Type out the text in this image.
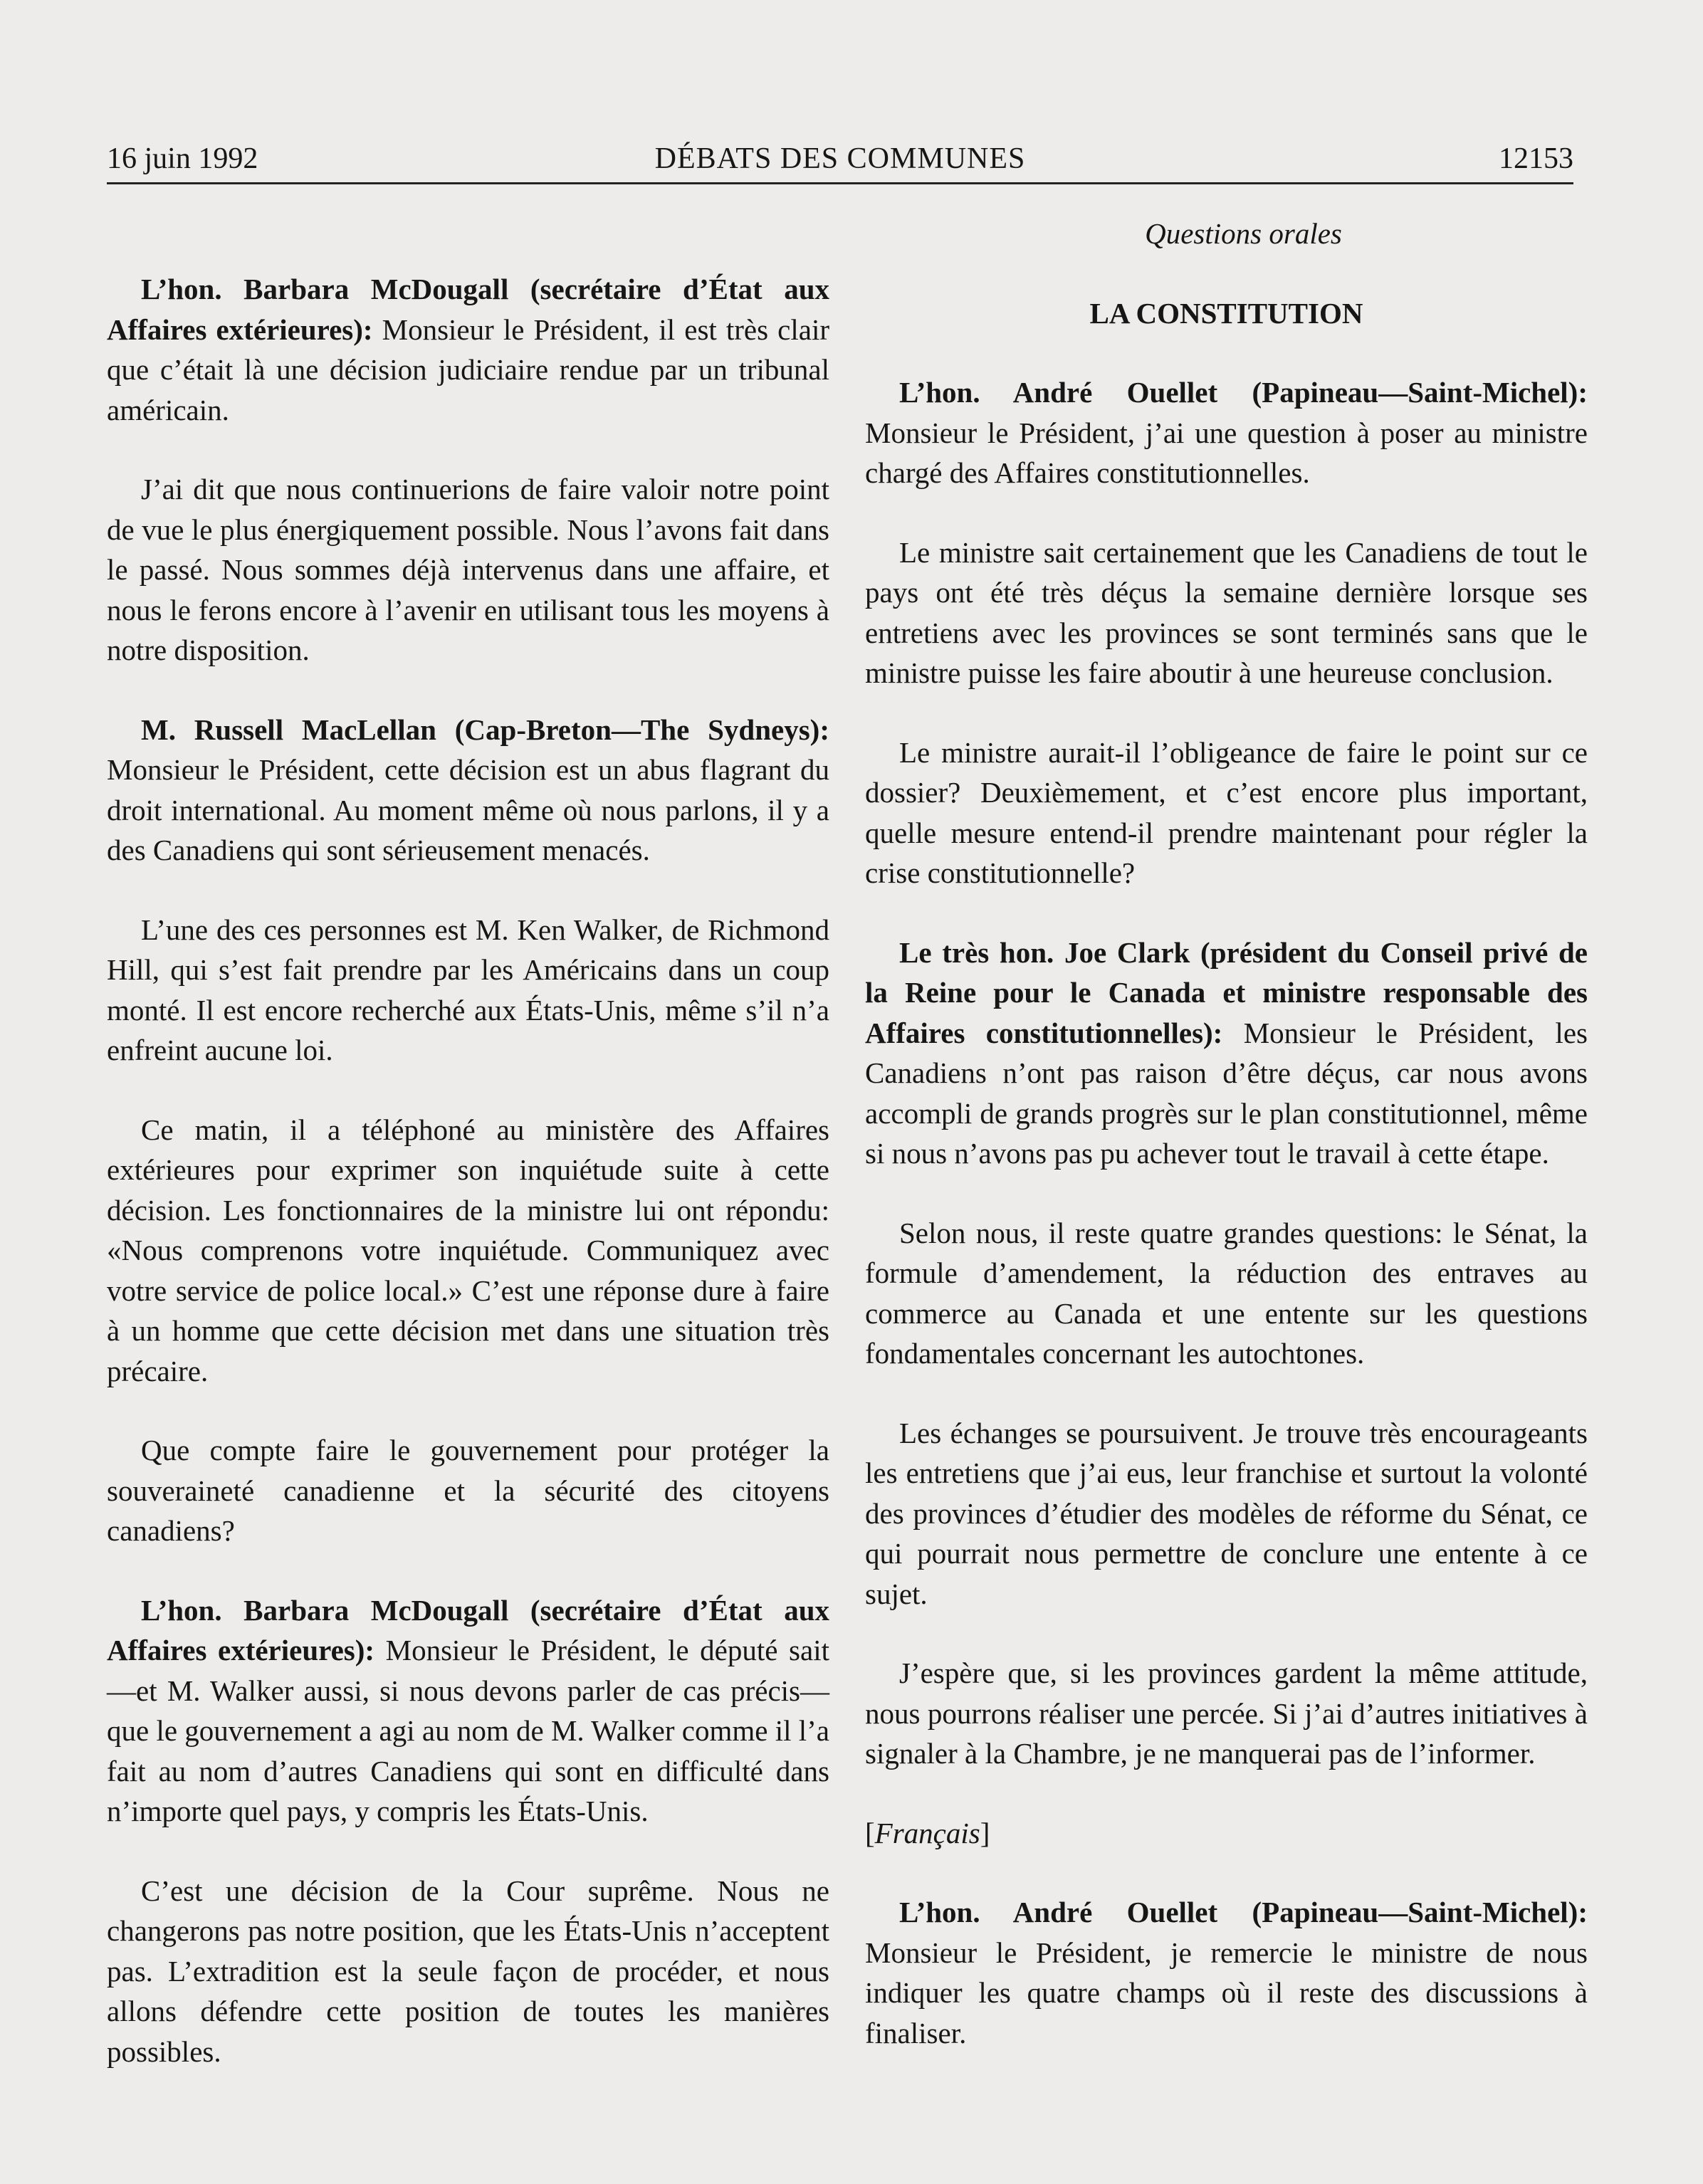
16 juin 1992	DÉBATS DES COMMUNES	12153

L’hon. Barbara McDougall (secrétaire d’État aux Affaires extérieures): Monsieur le Président, il est très clair que c’était là une décision judiciaire rendue par un tribunal américain.

J’ai dit que nous continuerions de faire valoir notre point de vue le plus énergiquement possible. Nous l’avons fait dans le passé. Nous sommes déjà intervenus dans une affaire, et nous le ferons encore à l’avenir en utilisant tous les moyens à notre disposition.

M. Russell MacLellan (Cap-Breton—The Sydneys): Monsieur le Président, cette décision est un abus flagrant du droit international. Au moment même où nous parlons, il y a des Canadiens qui sont sérieusement menacés.

L’une des ces personnes est M. Ken Walker, de Richmond Hill, qui s’est fait prendre par les Américains dans un coup monté. Il est encore recherché aux États-Unis, même s’il n’a enfreint aucune loi.

Ce matin, il a téléphoné au ministère des Affaires extérieures pour exprimer son inquiétude suite à cette décision. Les fonctionnaires de la ministre lui ont répondu: «Nous comprenons votre inquiétude. Communiquez avec votre service de police local.» C’est une réponse dure à faire à un homme que cette décision met dans une situation très précaire.

Que compte faire le gouvernement pour protéger la souveraineté canadienne et la sécurité des citoyens canadiens?

L’hon. Barbara McDougall (secrétaire d’État aux Affaires extérieures): Monsieur le Président, le député sait—et M. Walker aussi, si nous devons parler de cas précis—que le gouvernement a agi au nom de M. Walker comme il l’a fait au nom d’autres Canadiens qui sont en difficulté dans n’importe quel pays, y compris les États-Unis.

C’est une décision de la Cour suprême. Nous ne changerons pas notre position, que les États-Unis n’acceptent pas. L’extradition est la seule façon de procéder, et nous allons défendre cette position de toutes les manières possibles.

Questions orales

LA CONSTITUTION

L’hon. André Ouellet (Papineau—Saint-Michel): Monsieur le Président, j’ai une question à poser au ministre chargé des Affaires constitutionnelles.

Le ministre sait certainement que les Canadiens de tout le pays ont été très déçus la semaine dernière lorsque ses entretiens avec les provinces se sont terminés sans que le ministre puisse les faire aboutir à une heureuse conclusion.

Le ministre aurait-il l’obligeance de faire le point sur ce dossier? Deuxièmement, et c’est encore plus important, quelle mesure entend-il prendre maintenant pour régler la crise constitutionnelle?

Le très hon. Joe Clark (président du Conseil privé de la Reine pour le Canada et ministre responsable des Affaires constitutionnelles): Monsieur le Président, les Canadiens n’ont pas raison d’être déçus, car nous avons accompli de grands progrès sur le plan constitutionnel, même si nous n’avons pas pu achever tout le travail à cette étape.

Selon nous, il reste quatre grandes questions: le Sénat, la formule d’amendement, la réduction des entraves au commerce au Canada et une entente sur les questions fondamentales concernant les autochtones.

Les échanges se poursuivent. Je trouve très encourageants les entretiens que j’ai eus, leur franchise et surtout la volonté des provinces d’étudier des modèles de réforme du Sénat, ce qui pourrait nous permettre de conclure une entente à ce sujet.

J’espère que, si les provinces gardent la même attitude, nous pourrons réaliser une percée. Si j’ai d’autres initiatives à signaler à la Chambre, je ne manquerai pas de l’informer.

[Français]

L’hon. André Ouellet (Papineau—Saint-Michel): Monsieur le Président, je remercie le ministre de nous indiquer les quatre champs où il reste des discussions à finaliser.
